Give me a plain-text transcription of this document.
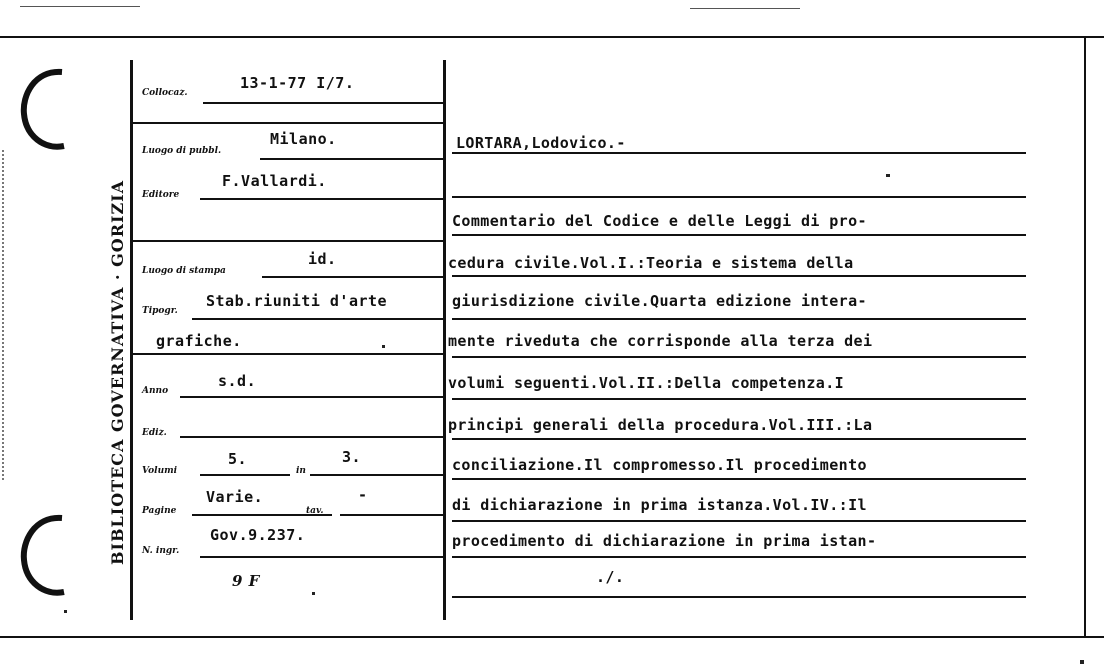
BIBLIOTECA GOVERNATIVA · GORIZIA
Collocaz.
13-1-77 I/7.
Luogo di pubbl.
Milano.
Editore
F.Vallardi.
Luogo di stampa
id.
Tipogr.
Stab.riuniti d'arte
grafiche.
Anno
s.d.
Ediz.
Volumi
5.
in
3.
Pagine
Varie.
tav.
-
N. ingr.
Gov.9.237.
9 F
LORTARA,Lodovico.-
Commentario del Codice e delle Leggi di pro-
cedura civile.Vol.I.:Teoria e sistema della
giurisdizione civile.Quarta edizione intera-
mente riveduta che corrisponde alla terza dei
volumi seguenti.Vol.II.:Della competenza.I
principi generali della procedura.Vol.III.:La
conciliazione.Il compromesso.Il procedimento
di dichiarazione in prima istanza.Vol.IV.:Il
procedimento di dichiarazione in prima istan-
./.
